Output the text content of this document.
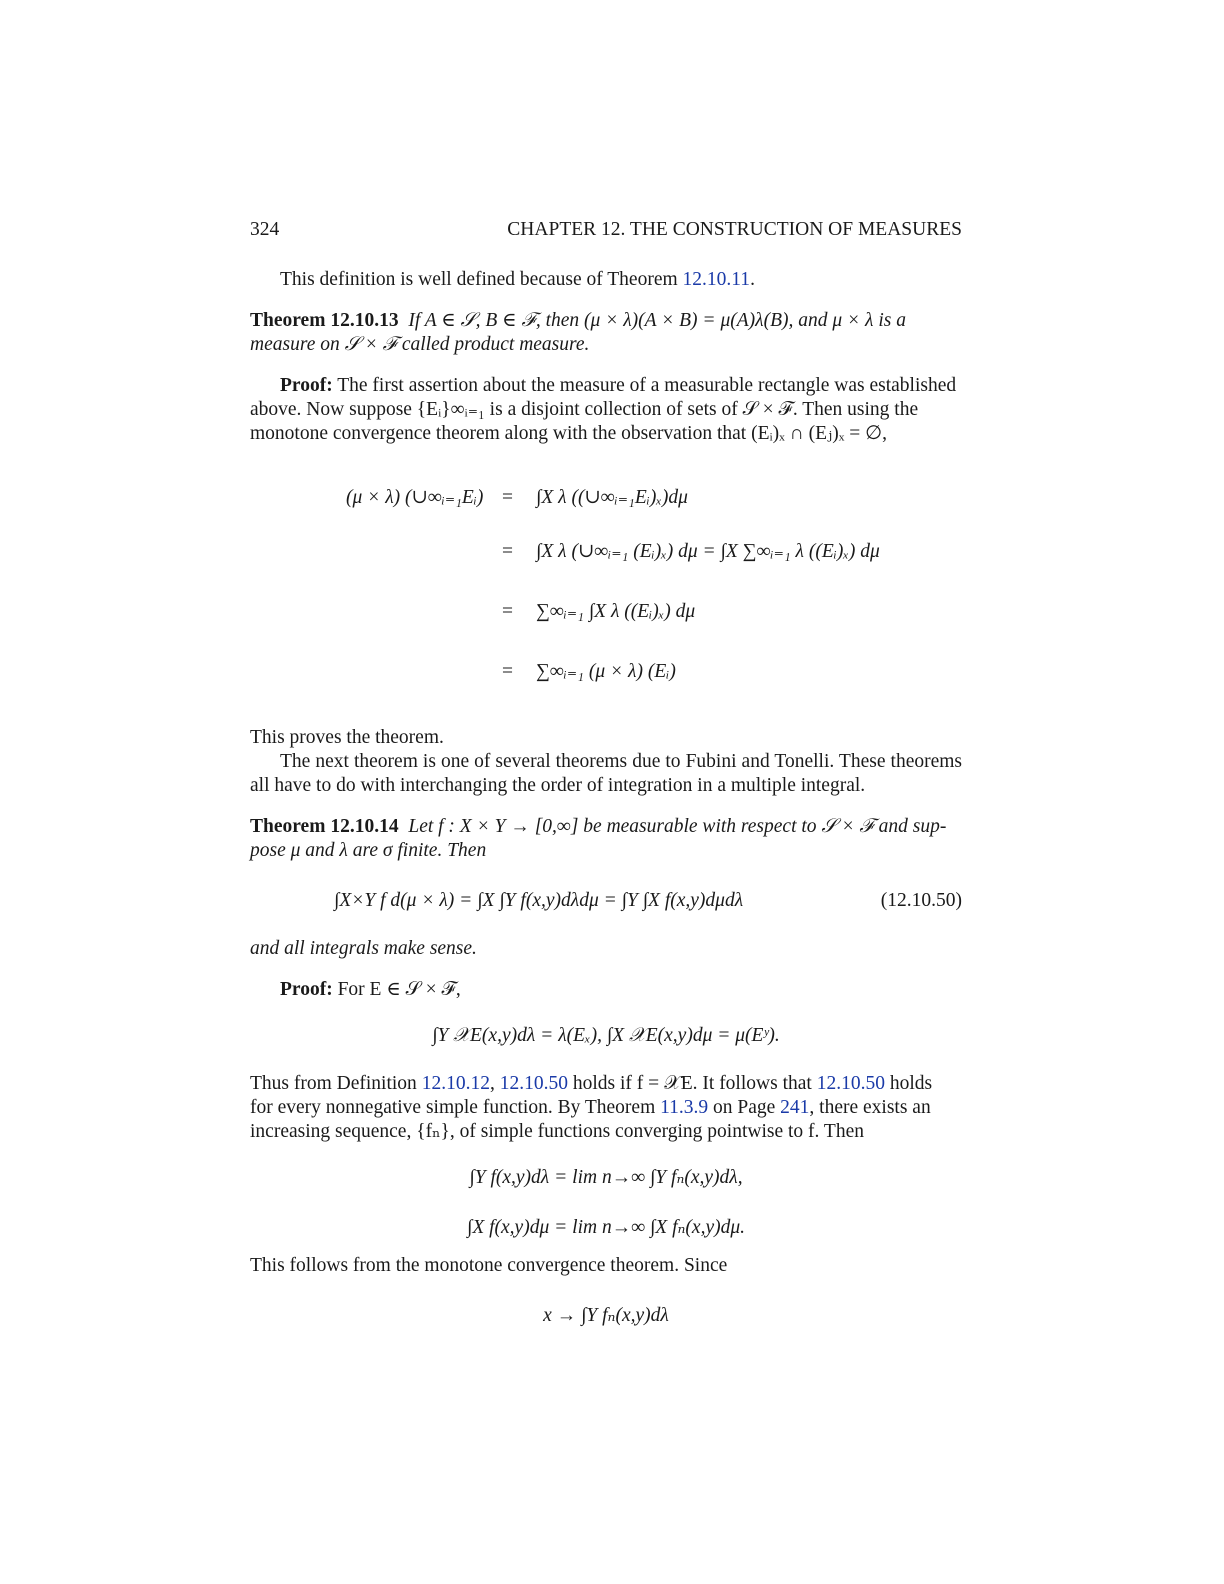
324	CHAPTER 12. THE CONSTRUCTION OF MEASURES

This definition is well defined because of Theorem 12.10.11.

Theorem 12.10.13 If A ∈ 𝒮, B ∈ ℱ, then (μ × λ)(A × B) = μ(A)λ(B), and μ × λ is a

measure on 𝒮 × ℱ called product measure.

Proof: The first assertion about the measure of a measurable rectangle was established

above. Now suppose {Eᵢ}∞ᵢ₌₁ is a disjoint collection of sets of 𝒮 × ℱ. Then using the

monotone convergence theorem along with the observation that (Eᵢ)ₓ ∩ (Eⱼ)ₓ = ∅,

(μ × λ) (∪∞ᵢ₌₁Eᵢ) = ∫X λ ((∪∞ᵢ₌₁Eᵢ)ₓ)dμ
= ∫X λ (∪∞ᵢ₌₁ (Eᵢ)ₓ) dμ = ∫X ∑∞ᵢ₌₁ λ ((Eᵢ)ₓ) dμ
= ∑∞ᵢ₌₁ ∫X λ ((Eᵢ)ₓ) dμ
= ∑∞ᵢ₌₁ (μ × λ) (Eᵢ)

This proves the theorem.

The next theorem is one of several theorems due to Fubini and Tonelli. These theorems all have to do with interchanging the order of integration in a multiple integral.

Theorem 12.10.14 Let f : X × Y → [0,∞] be measurable with respect to 𝒮 × ℱ and sup-

pose μ and λ are σ finite. Then

∫X×Y f d(μ × λ) = ∫X ∫Y f(x,y)dλdμ = ∫Y ∫X f(x,y)dμdλ	(12.10.50)

and all integrals make sense.

Proof: For E ∈ 𝒮 × ℱ,

∫Y 𝒳E(x,y)dλ = λ(Eₓ), ∫X 𝒳E(x,y)dμ = μ(Eʸ).

Thus from Definition 12.10.12, 12.10.50 holds if f = 𝒳E. It follows that 12.10.50 holds

for every nonnegative simple function. By Theorem 11.3.9 on Page 241, there exists an

increasing sequence, {fₙ}, of simple functions converging pointwise to f. Then

∫Y f(x,y)dλ = lim n→∞ ∫Y fₙ(x,y)dλ,
∫X f(x,y)dμ = lim n→∞ ∫X fₙ(x,y)dμ.

This follows from the monotone convergence theorem. Since

x → ∫Y fₙ(x,y)dλ
